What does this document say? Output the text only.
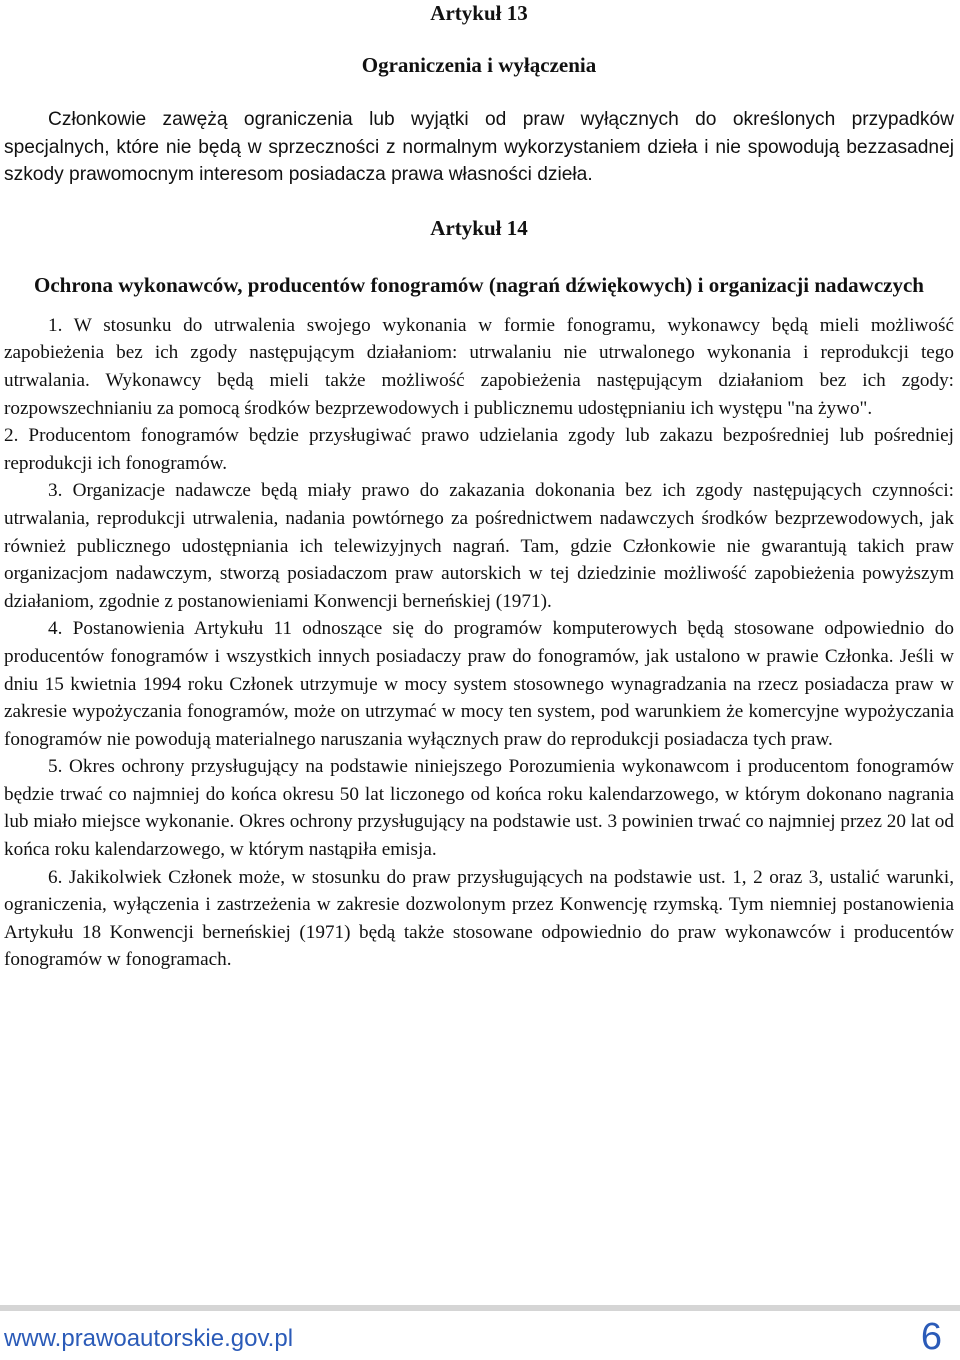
Artykuł 13
Ograniczenia i wyłączenia

Członkowie zawężą ograniczenia lub wyjątki od praw wyłącznych do określonych przypadków specjalnych, które nie będą w sprzeczności z normalnym wykorzystaniem dzieła i nie spowodują bezzasadnej szkody prawomocnym interesom posiadacza prawa własności dzieła.

Artykuł 14
Ochrona wykonawców, producentów fonogramów (nagrań dźwiękowych) i organizacji nadawczych

1. W stosunku do utrwalenia swojego wykonania w formie fonogramu, wykonawcy będą mieli możliwość zapobieżenia bez ich zgody następującym działaniom: utrwalaniu nie utrwalonego wykonania i reprodukcji tego utrwalania. Wykonawcy będą mieli także możliwość zapobieżenia następującym działaniom bez ich zgody: rozpowszechnianiu za pomocą środków bezprzewodowych i publicznemu udostępnianiu ich występu "na żywo".

2. Producentom fonogramów będzie przysługiwać prawo udzielania zgody lub zakazu bezpośredniej lub pośredniej reprodukcji ich fonogramów.

3. Organizacje nadawcze będą miały prawo do zakazania dokonania bez ich zgody następujących czynności: utrwalania, reprodukcji utrwalenia, nadania powtórnego za pośrednictwem nadawczych środków bezprzewodowych, jak również publicznego udostępniania ich telewizyjnych nagrań. Tam, gdzie Członkowie nie gwarantują takich praw organizacjom nadawczym, stworzą posiadaczom praw autorskich w tej dziedzinie możliwość zapobieżenia powyższym działaniom, zgodnie z postanowieniami Konwencji berneńskiej (1971).

4. Postanowienia Artykułu 11 odnoszące się do programów komputerowych będą stosowane odpowiednio do producentów fonogramów i wszystkich innych posiadaczy praw do fonogramów, jak ustalono w prawie Członka. Jeśli w dniu 15 kwietnia 1994 roku Członek utrzymuje w mocy system stosownego wynagradzania na rzecz posiadacza praw w zakresie wypożyczania fonogramów, może on utrzymać w mocy ten system, pod warunkiem że komercyjne wypożyczania fonogramów nie powodują materialnego naruszania wyłącznych praw do reprodukcji posiadacza tych praw.

5. Okres ochrony przysługujący na podstawie niniejszego Porozumienia wykonawcom i producentom fonogramów będzie trwać co najmniej do końca okresu 50 lat liczonego od końca roku kalendarzowego, w którym dokonano nagrania lub miało miejsce wykonanie. Okres ochrony przysługujący na podstawie ust. 3 powinien trwać co najmniej przez 20 lat od końca roku kalendarzowego, w którym nastąpiła emisja.

6. Jakikolwiek Członek może, w stosunku do praw przysługujących na podstawie ust. 1, 2 oraz 3, ustalić warunki, ograniczenia, wyłączenia i zastrzeżenia w zakresie dozwolonym przez Konwencję rzymską. Tym niemniej postanowienia Artykułu 18 Konwencji berneńskiej (1971) będą także stosowane odpowiednio do praw wykonawców i producentów fonogramów w fonogramach.

www.prawoautorskie.gov.pl	6
